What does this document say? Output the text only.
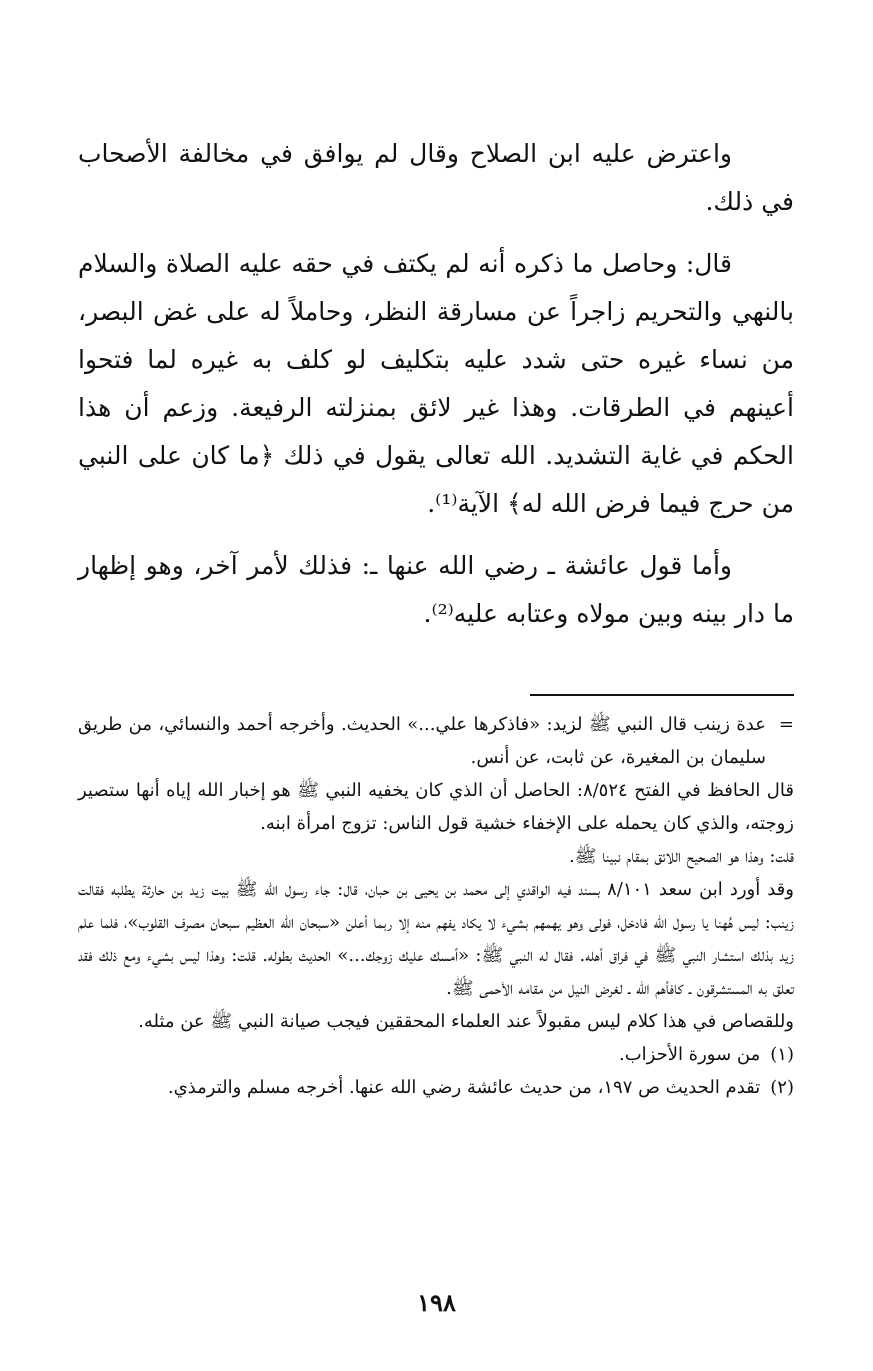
واعترض عليه ابن الصلاح وقال لم يوافق في مخالفة الأصحاب في ذلك.

قال: وحاصل ما ذكره أنه لم يكتف في حقه عليه الصلاة والسلام بالنهي والتحريم زاجراً عن مسارقة النظر، وحاملاً له على غض البصر، من نساء غيره حتى شدد عليه بتكليف لو كلف به غيره لما فتحوا أعينهم في الطرقات. وهذا غير لائق بمنزلته الرفيعة. وزعم أن هذا الحكم في غاية التشديد. الله تعالى يقول في ذلك ﴿ما كان على النبي من حرج فيما فرض الله له﴾ الآية⁽¹⁾.

وأما قول عائشة ـ رضي الله عنها ـ: فذلك لأمر آخر، وهو إظهار ما دار بينه وبين مولاه وعتابه عليه⁽²⁾.

=
عدة زينب قال النبي ﷺ لزيد: «فاذكرها علي...» الحديث. وأخرجه أحمد والنسائي، من طريق سليمان بن المغيرة، عن ثابت، عن أنس.

قال الحافظ في الفتح ٨/٥٢٤: الحاصل أن الذي كان يخفيه النبي ﷺ هو إخبار الله إياه أنها ستصير زوجته، والذي كان يحمله على الإخفاء خشية قول الناس: تزوج امرأة ابنه.

قلت: وهذا هو الصحيح اللائق بمقام نبينا ﷺ.

وقد أورد ابن سعد ٨/١٠١ بسند فيه الواقدي إلى محمد بن يحيى بن حبان، قال: جاء رسول الله ﷺ بيت زيد بن حارثة يطلبه فقالت زينب: ليس هُهنا يا رسول الله فادخل، فولى وهو يهمهم بشيء لا يكاد يفهم منه إلا ربما أعلن «سبحان الله العظيم سبحان مصرف القلوب»، فلما علم زيد بذلك استشار النبي ﷺ في فراق أهله. فقال له النبي ﷺ: «أمسك عليك زوجك...» الحديث بطوله. قلت: وهذا ليس بشيء ومع ذلك فقد تعلق به المستشرقون ـ كافأهم الله ـ لغرض النيل من مقامه الأحمى ﷺ.

وللقصاص في هذا كلام ليس مقبولاً عند العلماء المحققين فيجب صيانة النبي ﷺ عن مثله.

(١)
من سورة الأحزاب.

(٢)
تقدم الحديث ص ١٩٧، من حديث عائشة رضي الله عنها. أخرجه مسلم والترمذي.

١٩٨
